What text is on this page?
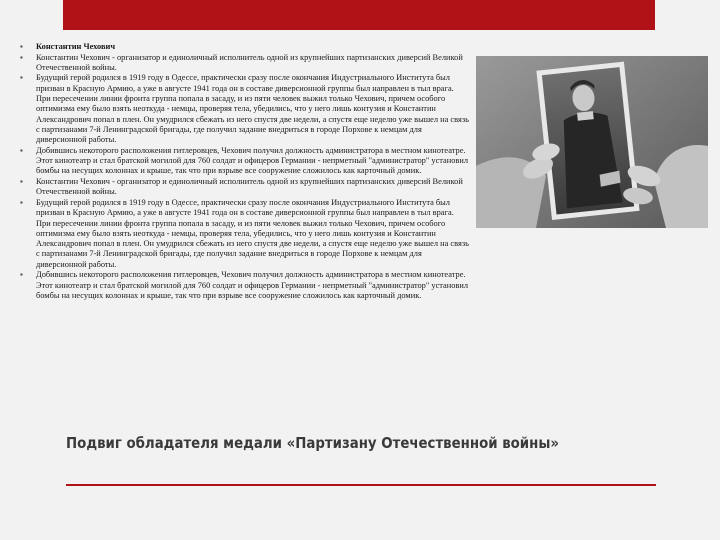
▪ Константин Чехович
▪ Константин Чехович - организатор и единоличный исполнитель одной из крупнейших партизанских диверсий Великой Отечественной войны.
▪ Будущий герой родился в 1919 году в Одессе, практически сразу после окончания Индустриального Института был призван в Красную Армию, а уже в августе 1941 года он в составе диверсионной группы был направлен в тыл врага. При пересечении линии фронта группа попала в засаду, и из пяти человек выжил только Чехович, причем особого оптимизма ему было взять неоткуда - немцы, проверяя тела, убедились, что у него лишь контузия и Константин Александрович попал в плен. Он умудрился сбежать из него спустя две недели, а спустя еще неделю уже вышел на связь с партизанами 7-й Ленинградской бригады, где получил задание внедриться в городе Порхове к немцам для диверсионной работы.
▪ Добившись некоторого расположения гитлеровцев, Чехович получил должность администратора в местном кинотеатре. Этот кинотеатр и стал братской могилой для 760 солдат и офицеров Германии - непрметный "администратор" установил бомбы на несущих колоннах и крыше, так что при взрыве все сооружение сложилось как карточный домик.
▪ Константин Чехович - организатор и единоличный исполнитель одной из крупнейших партизанских диверсий Великой Отечественной войны.
▪ Будущий герой родился в 1919 году в Одессе, практически сразу после окончания Индустриального Института был призван в Красную Армию, а уже в августе 1941 года он в составе диверсионной группы был направлен в тыл врага. При пересечении линии фронта группа попала в засаду, и из пяти человек выжил только Чехович, причем особого оптимизма ему было взять неоткуда - немцы, проверяя тела, убедились, что у него лишь контузия и Константин Александрович попал в плен. Он умудрился сбежать из него спустя две недели, а спустя еще неделю уже вышел на связь с партизанами 7-й Ленинградской бригады, где получил задание внедриться в городе Порхове к немцам для диверсионной работы.
▪ Добившись некоторого расположения гитлеровцев, Чехович получил должность администратора в местном кинотеатре. Этот кинотеатр и стал братской могилой для 760 солдат и офицеров Германии - непрметный "администратор" установил бомбы на несущих колоннах и крыше, так что при взрыве все сооружение сложилось как карточный домик.
Подвиг обладателя медали «Партизану Отечественной войны»
